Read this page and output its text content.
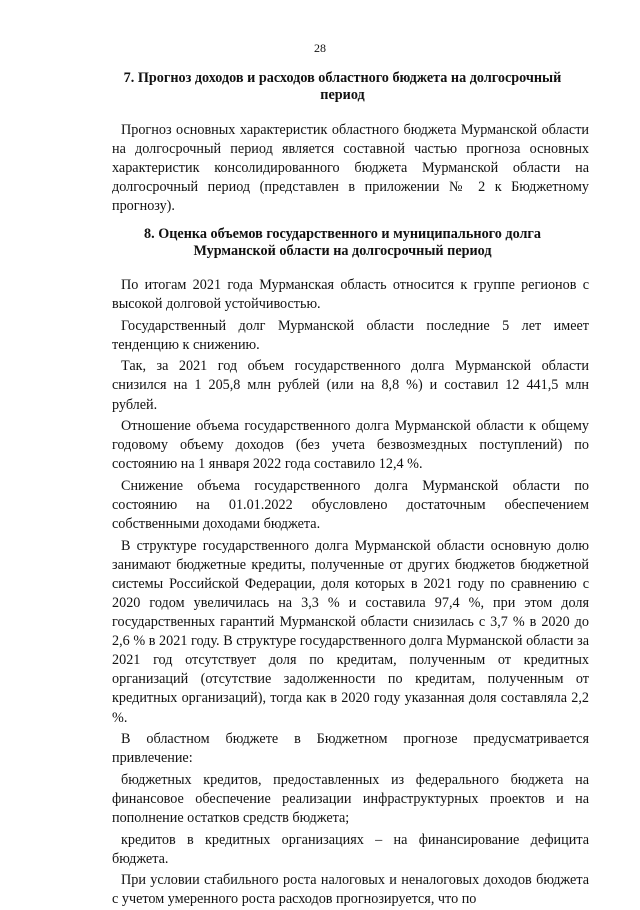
28
7. Прогноз доходов и расходов областного бюджета на долгосрочный
период

Прогноз основных характеристик областного бюджета Мурманской области на долгосрочный период является составной частью прогноза основных характеристик консолидированного бюджета Мурманской области на долгосрочный период (представлен в приложении № 2 к Бюджетному прогнозу).

8. Оценка объемов государственного и муниципального долга
Мурманской области на долгосрочный период

По итогам 2021 года Мурманская область относится к группе регионов с высокой долговой устойчивостью.

Государственный долг Мурманской области последние 5 лет имеет тенденцию к снижению.

Так, за 2021 год объем государственного долга Мурманской области снизился на 1 205,8 млн рублей (или на 8,8 %) и составил 12 441,5 млн рублей.

Отношение объема государственного долга Мурманской области к общему годовому объему доходов (без учета безвозмездных поступлений) по состоянию на 1 января 2022 года составило 12,4 %.

Снижение объема государственного долга Мурманской области по состоянию на 01.01.2022 обусловлено достаточным обеспечением собственными доходами бюджета.

В структуре государственного долга Мурманской области основную долю занимают бюджетные кредиты, полученные от других бюджетов бюджетной системы Российской Федерации, доля которых в 2021 году по сравнению с 2020 годом увеличилась на 3,3 % и составила 97,4 %, при этом доля государственных гарантий Мурманской области снизилась с 3,7 % в 2020 до 2,6 % в 2021 году. В структуре государственного долга Мурманской области за 2021 год отсутствует доля по кредитам, полученным от кредитных организаций (отсутствие задолженности по кредитам, полученным от кредитных организаций), тогда как в 2020 году указанная доля составляла 2,2 %.

В областном бюджете в Бюджетном прогнозе предусматривается привлечение:

бюджетных кредитов, предоставленных из федерального бюджета на финансовое обеспечение реализации инфраструктурных проектов и на пополнение остатков средств бюджета;

кредитов в кредитных организациях – на финансирование дефицита бюджета.

При условии стабильного роста налоговых и неналоговых доходов бюджета с учетом умеренного роста расходов прогнозируется, что по
